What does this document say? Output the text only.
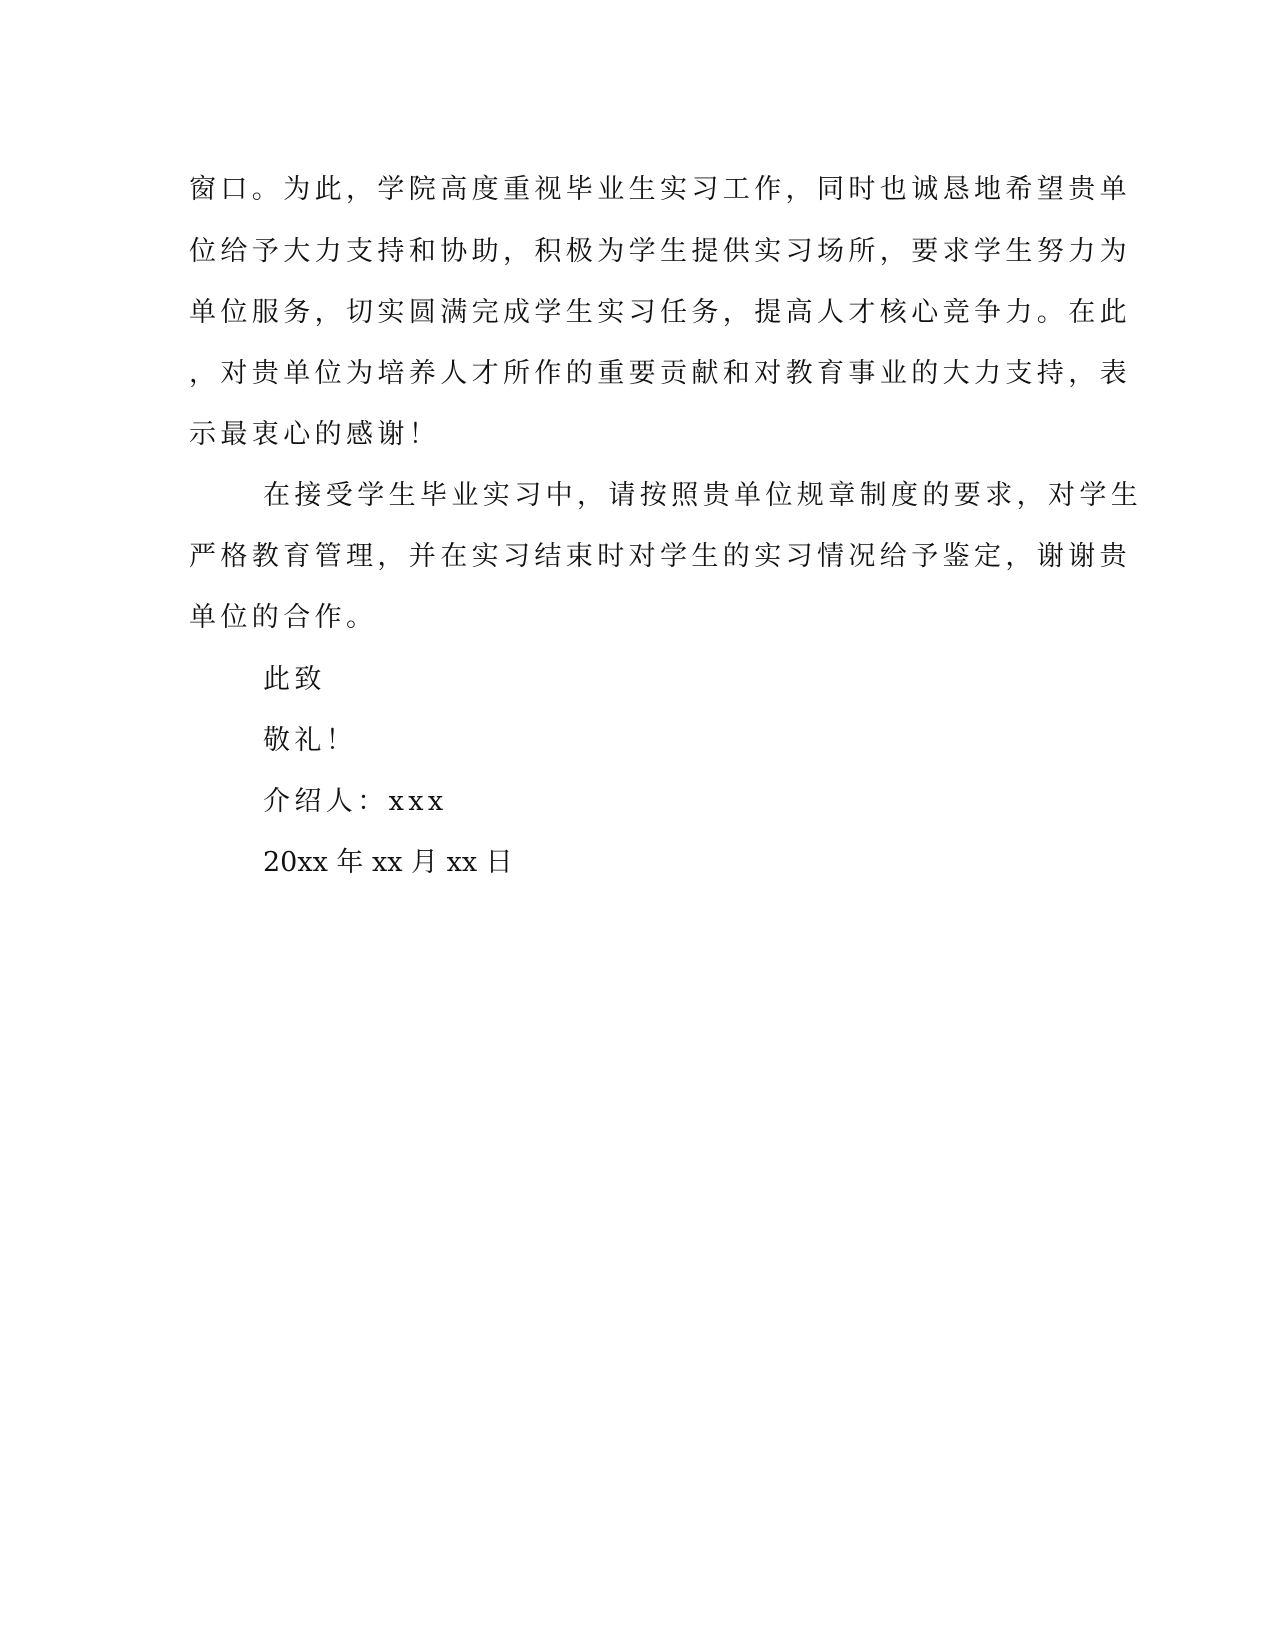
窗口。为此，学院高度重视毕业生实习工作，同时也诚恳地希望贵单
位给予大力支持和协助，积极为学生提供实习场所，要求学生努力为
单位服务，切实圆满完成学生实习任务，提高人才核心竞争力。在此
，对贵单位为培养人才所作的重要贡献和对教育事业的大力支持，表
示最衷心的感谢！
在接受学生毕业实习中，请按照贵单位规章制度的要求，对学生
严格教育管理，并在实习结束时对学生的实习情况给予鉴定，谢谢贵
单位的合作。
此致
敬礼！
介绍人：xxx
20xx 年 xx 月 xx 日
